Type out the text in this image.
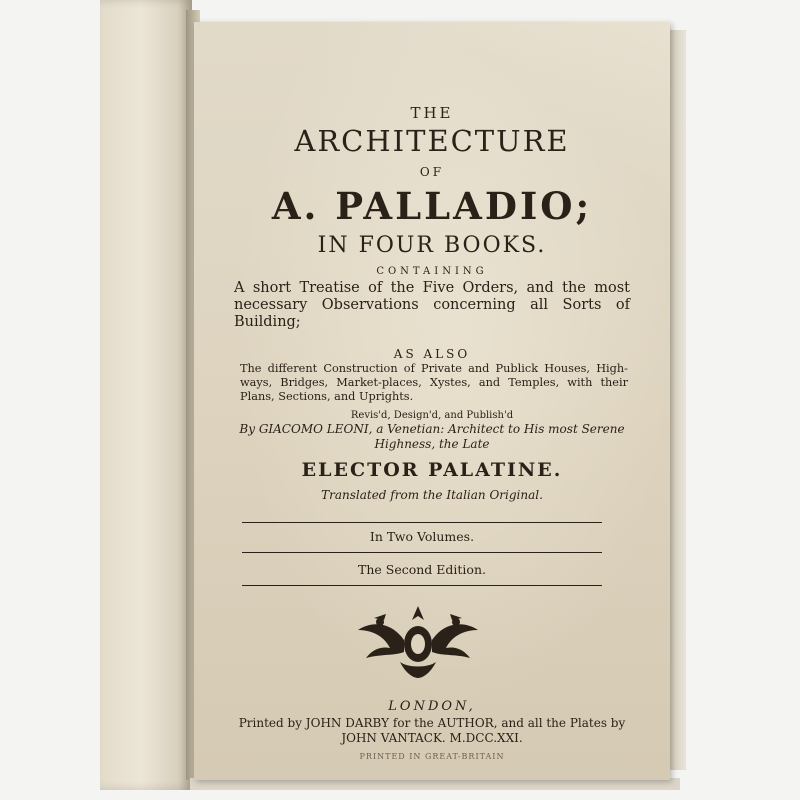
THE
ARCHITECTURE
OF
A. PALLADIO;
IN FOUR BOOKS.
CONTAINING
A short Treatise of the Five Orders, and the most necessary Observations concerning all Sorts of Building;
AS ALSO
The different Construction of Private and Publick Houses, High-ways, Bridges, Market-places, Xystes, and Temples, with their Plans, Sections, and Uprights.
Revis'd, Design'd, and Publish'd
By GIACOMO LEONI, a Venetian: Architect to His most Serene Highness, the Late
ELECTOR PALATINE.
Translated from the Italian Original.
In Two Volumes.
The Second Edition.
LONDON,
Printed by JOHN DARBY for the AUTHOR, and all the Plates by JOHN VANTACK. M.DCC.XXI.
PRINTED IN GREAT-BRITAIN
